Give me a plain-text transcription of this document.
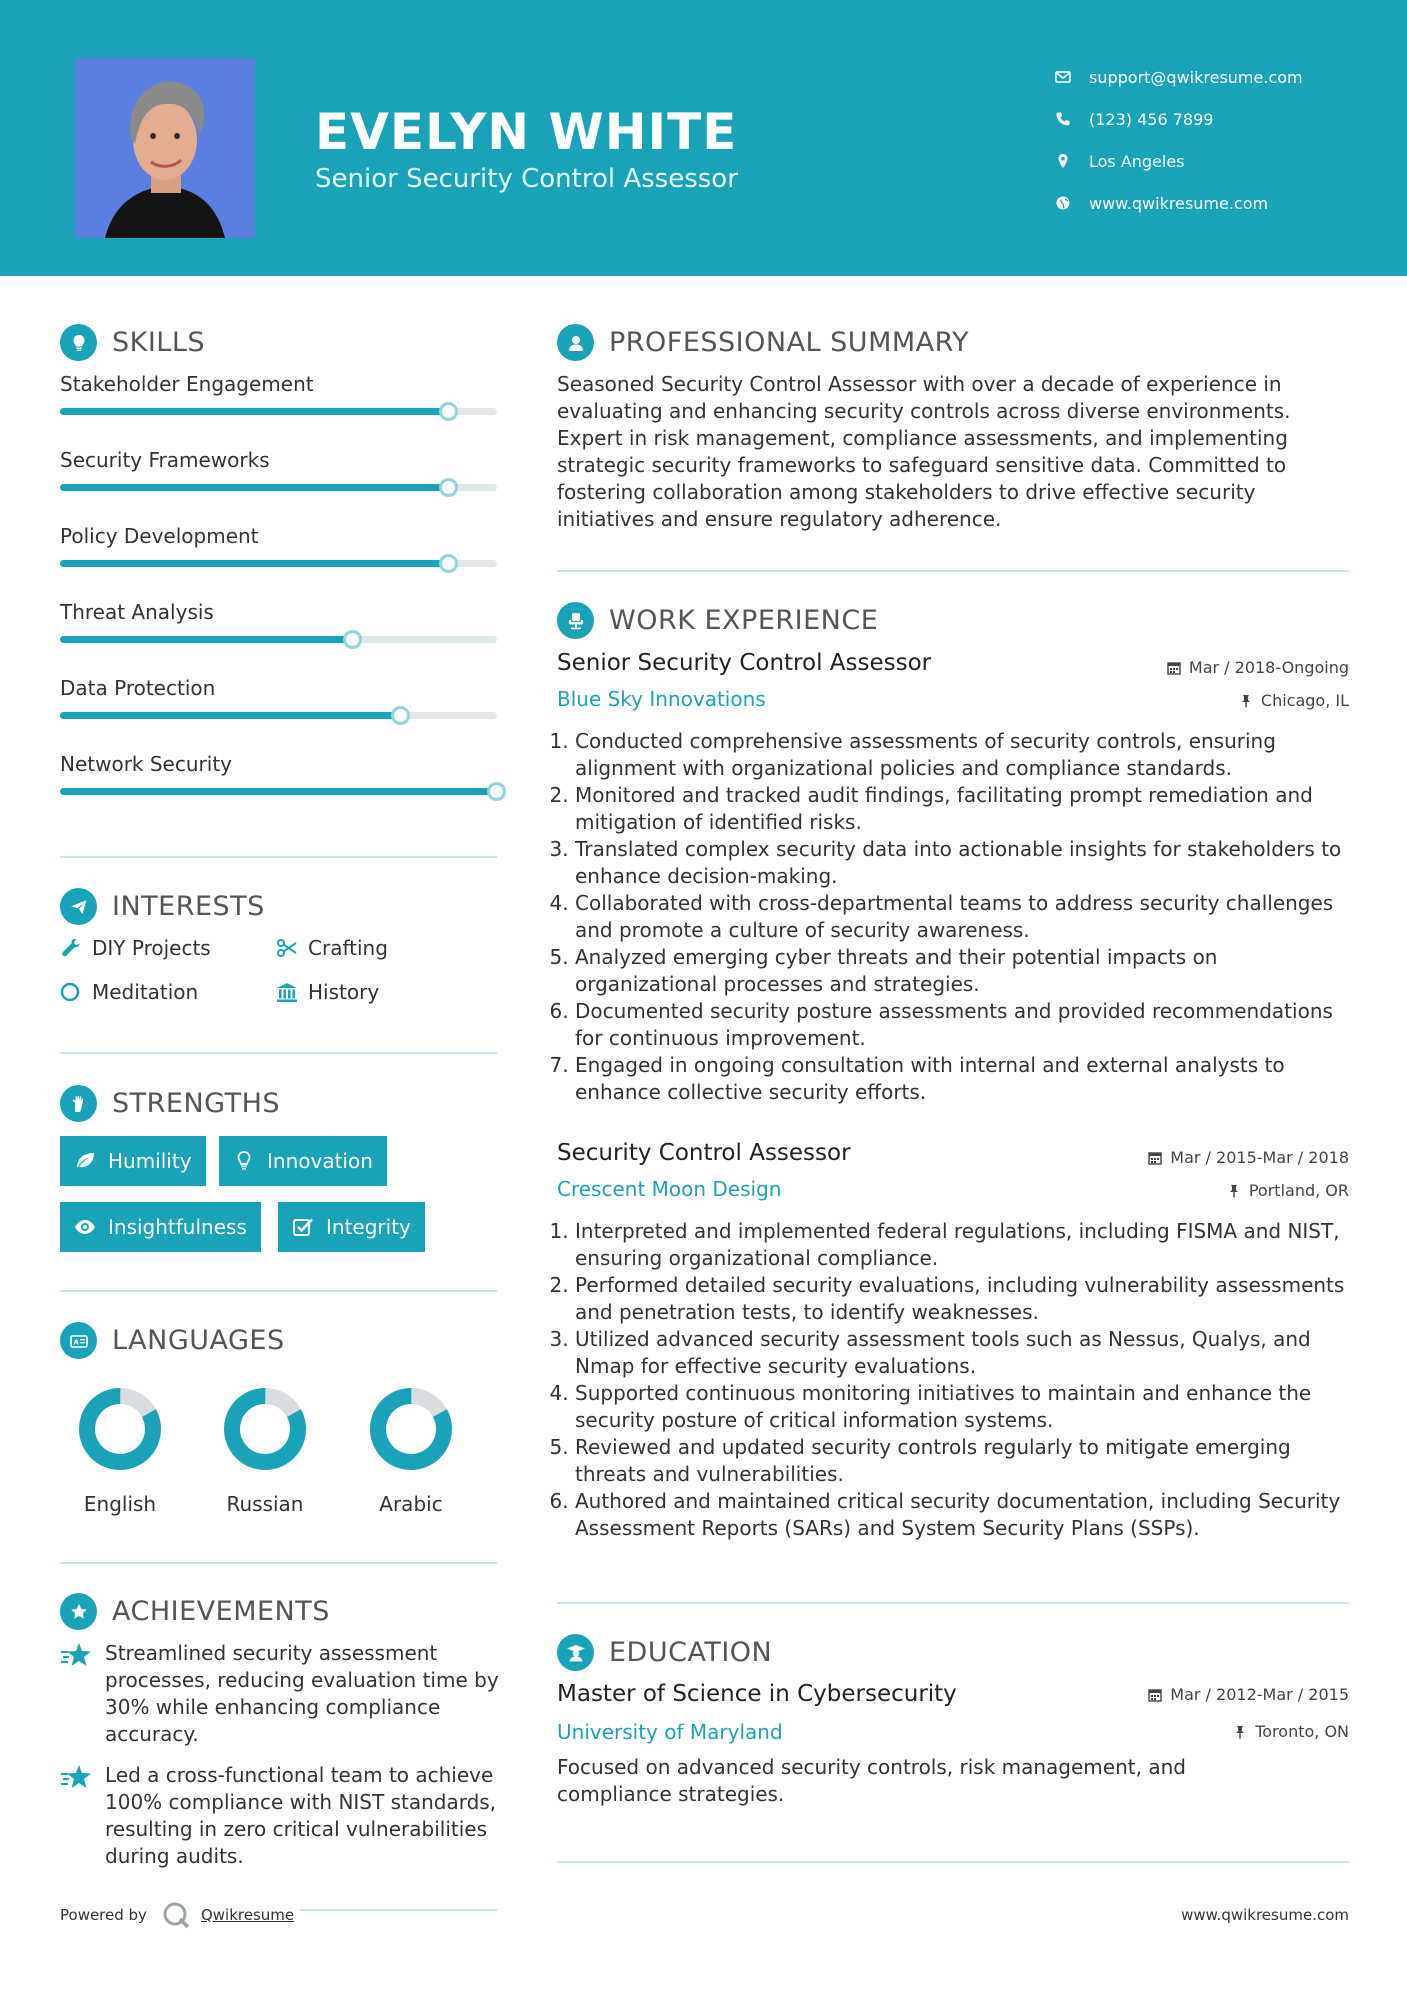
EVELYN WHITE
Senior Security Control Assessor
support@qwikresume.com
(123) 456 7899
Los Angeles
www.qwikresume.com
SKILLS
Stakeholder Engagement
Security Frameworks
Policy Development
Threat Analysis
Data Protection
Network Security
INTERESTS
DIY Projects	Crafting
Meditation	History
STRENGTHS
Humility	Innovation
Insightfulness	Integrity
A LANGUAGES
English	Russian	Arabic
ACHIEVEMENTS
Streamlined security assessment processes, reducing evaluation time by 30% while enhancing compliance accuracy.
Led a cross-functional team to achieve 100% compliance with NIST standards, resulting in zero critical vulnerabilities during audits.
PROFESSIONAL SUMMARY
Seasoned Security Control Assessor with over a decade of experience in evaluating and enhancing security controls across diverse environments. Expert in risk management, compliance assessments, and implementing strategic security frameworks to safeguard sensitive data. Committed to fostering collaboration among stakeholders to drive effective security initiatives and ensure regulatory adherence.
WORK EXPERIENCE
Senior Security Control Assessor	Mar / 2018-Ongoing
Blue Sky Innovations	Chicago, IL
1. Conducted comprehensive assessments of security controls, ensuring alignment with organizational policies and compliance standards.
2. Monitored and tracked audit findings, facilitating prompt remediation and mitigation of identified risks.
3. Translated complex security data into actionable insights for stakeholders to enhance decision-making.
4. Collaborated with cross-departmental teams to address security challenges and promote a culture of security awareness.
5. Analyzed emerging cyber threats and their potential impacts on organizational processes and strategies.
6. Documented security posture assessments and provided recommendations for continuous improvement.
7. Engaged in ongoing consultation with internal and external analysts to enhance collective security efforts.
Security Control Assessor	Mar / 2015-Mar / 2018
Crescent Moon Design	Portland, OR
1. Interpreted and implemented federal regulations, including FISMA and NIST, ensuring organizational compliance.
2. Performed detailed security evaluations, including vulnerability assessments and penetration tests, to identify weaknesses.
3. Utilized advanced security assessment tools such as Nessus, Qualys, and Nmap for effective security evaluations.
4. Supported continuous monitoring initiatives to maintain and enhance the security posture of critical information systems.
5. Reviewed and updated security controls regularly to mitigate emerging threats and vulnerabilities.
6. Authored and maintained critical security documentation, including Security Assessment Reports (SARs) and System Security Plans (SSPs).
EDUCATION
Master of Science in Cybersecurity	Mar / 2012-Mar / 2015
University of Maryland	Toronto, ON
Focused on advanced security controls, risk management, and compliance strategies.
Powered by	Qwikresume	www.qwikresume.com
